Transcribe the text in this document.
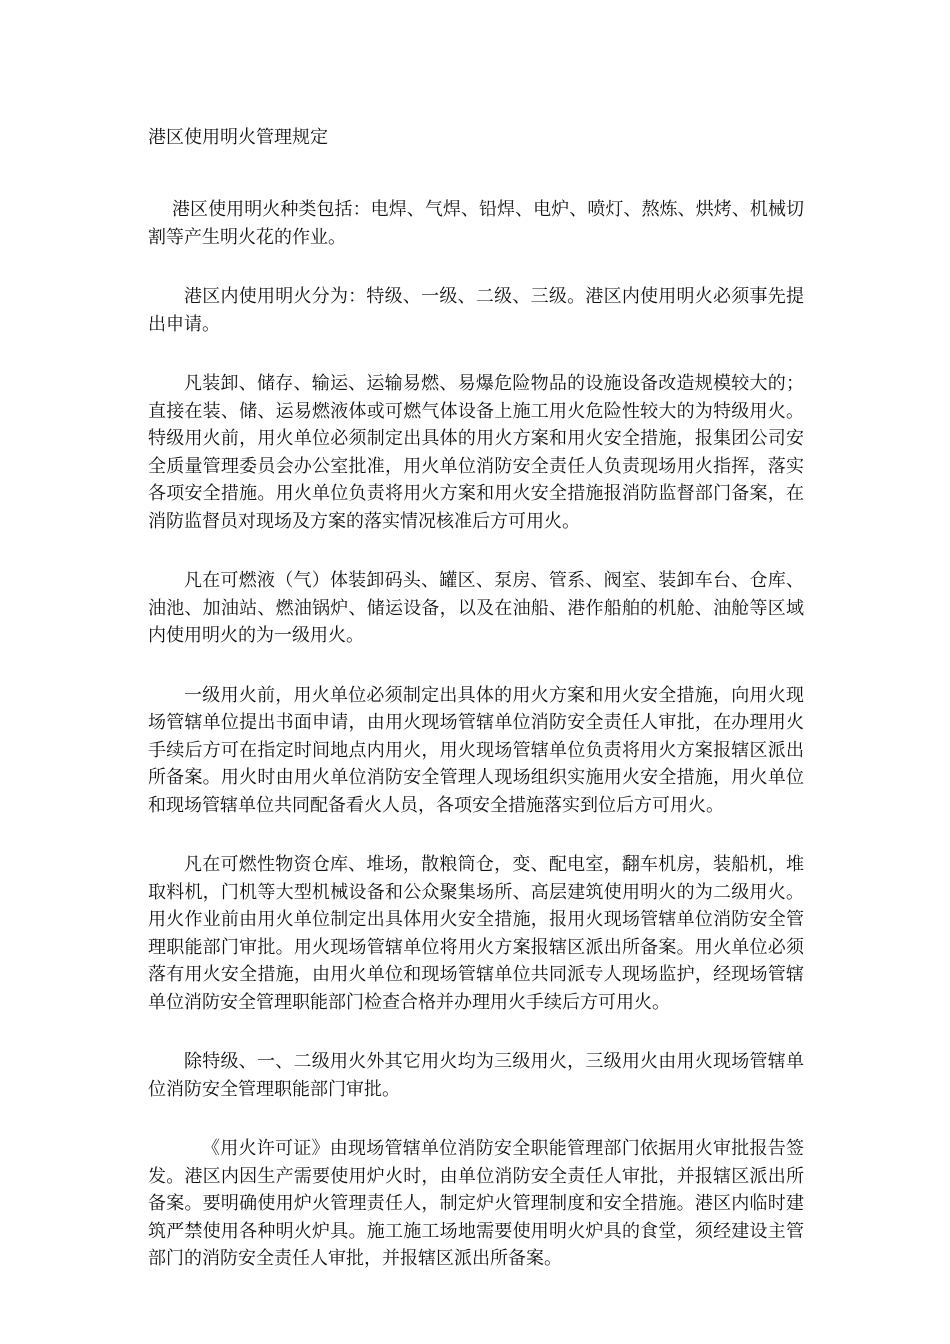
港区使用明火管理规定

港区使用明火种类包括：电焊、气焊、铅焊、电炉、喷灯、熬炼、烘烤、机械切割等产生明火花的作业。

港区内使用明火分为：特级、一级、二级、三级。港区内使用明火必须事先提出申请。

凡装卸、储存、输运、运输易燃、易爆危险物品的设施设备改造规模较大的；直接在装、储、运易燃液体或可燃气体设备上施工用火危险性较大的为特级用火。特级用火前，用火单位必须制定出具体的用火方案和用火安全措施，报集团公司安全质量管理委员会办公室批准，用火单位消防安全责任人负责现场用火指挥，落实各项安全措施。用火单位负责将用火方案和用火安全措施报消防监督部门备案，在消防监督员对现场及方案的落实情况核准后方可用火。

凡在可燃液（气）体装卸码头、罐区、泵房、管系、阀室、装卸车台、仓库、油池、加油站、燃油锅炉、储运设备，以及在油船、港作船舶的机舱、油舱等区域内使用明火的为一级用火。

一级用火前，用火单位必须制定出具体的用火方案和用火安全措施，向用火现场管辖单位提出书面申请，由用火现场管辖单位消防安全责任人审批，在办理用火手续后方可在指定时间地点内用火，用火现场管辖单位负责将用火方案报辖区派出所备案。用火时由用火单位消防安全管理人现场组织实施用火安全措施，用火单位和现场管辖单位共同配备看火人员，各项安全措施落实到位后方可用火。

凡在可燃性物资仓库、堆场，散粮筒仓，变、配电室，翻车机房，装船机，堆取料机，门机等大型机械设备和公众聚集场所、高层建筑使用明火的为二级用火。用火作业前由用火单位制定出具体用火安全措施，报用火现场管辖单位消防安全管理职能部门审批。用火现场管辖单位将用火方案报辖区派出所备案。用火单位必须落有用火安全措施，由用火单位和现场管辖单位共同派专人现场监护，经现场管辖单位消防安全管理职能部门检查合格并办理用火手续后方可用火。

除特级、一、二级用火外其它用火均为三级用火，三级用火由用火现场管辖单位消防安全管理职能部门审批。

《用火许可证》由现场管辖单位消防安全职能管理部门依据用火审批报告签发。港区内因生产需要使用炉火时，由单位消防安全责任人审批，并报辖区派出所备案。要明确使用炉火管理责任人，制定炉火管理制度和安全措施。港区内临时建筑严禁使用各种明火炉具。施工施工场地需要使用明火炉具的食堂，须经建设主管部门的消防安全责任人审批，并报辖区派出所备案。
